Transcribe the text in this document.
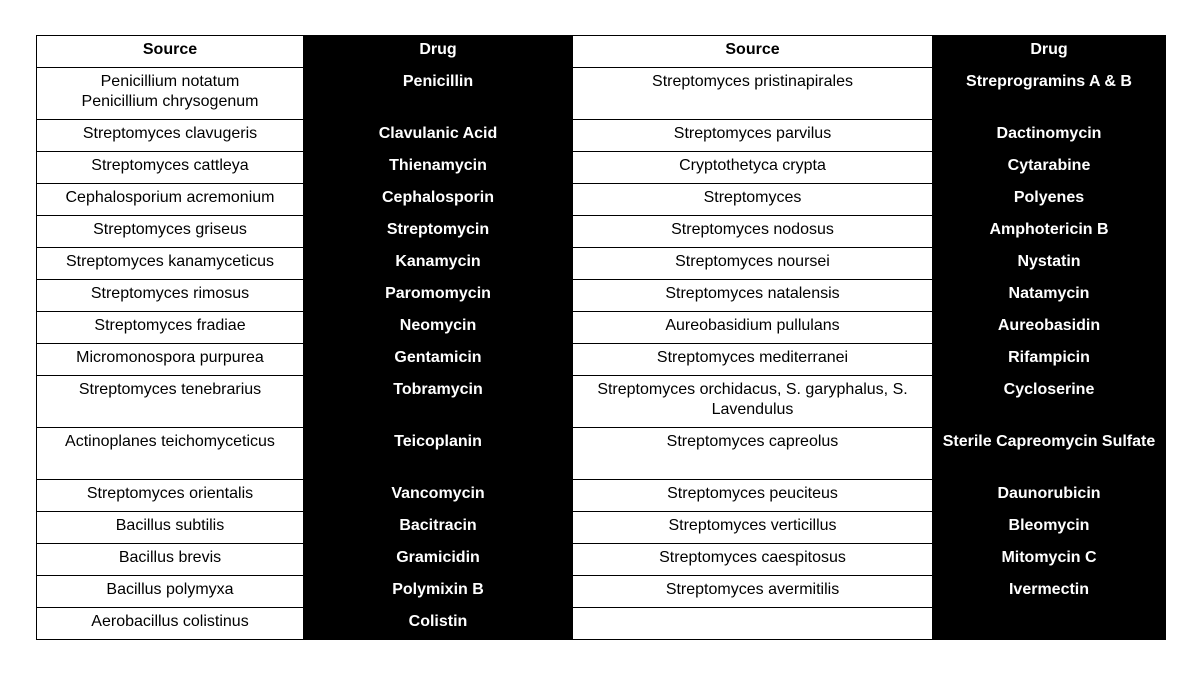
Source	Drug	Source	Drug

Penicillium notatum
Penicillium chrysogenum	Penicillin	Streptomyces pristinapirales	Streprogramins A & B

Streptomyces clavugeris	Clavulanic Acid	Streptomyces parvilus	Dactinomycin

Streptomyces cattleya	Thienamycin	Cryptothetyca crypta	Cytarabine

Cephalosporium acremonium	Cephalosporin	Streptomyces	Polyenes

Streptomyces griseus	Streptomycin	Streptomyces nodosus	Amphotericin B

Streptomyces kanamyceticus	Kanamycin	Streptomyces noursei	Nystatin

Streptomyces rimosus	Paromomycin	Streptomyces natalensis	Natamycin

Streptomyces fradiae	Neomycin	Aureobasidium pullulans	Aureobasidin

Micromonospora purpurea	Gentamicin	Streptomyces mediterranei	Rifampicin

Streptomyces tenebrarius	Tobramycin	Streptomyces orchidacus, S. garyphalus, S. Lavendulus	Cycloserine

Actinoplanes teichomyceticus	Teicoplanin	Streptomyces capreolus	Sterile Capreomycin Sulfate

Streptomyces orientalis	Vancomycin	Streptomyces peuciteus	Daunorubicin

Bacillus subtilis	Bacitracin	Streptomyces verticillus	Bleomycin

Bacillus brevis	Gramicidin	Streptomyces caespitosus	Mitomycin C

Bacillus polymyxa	Polymixin B	Streptomyces avermitilis	Ivermectin

Aerobacillus colistinus	Colistin		
